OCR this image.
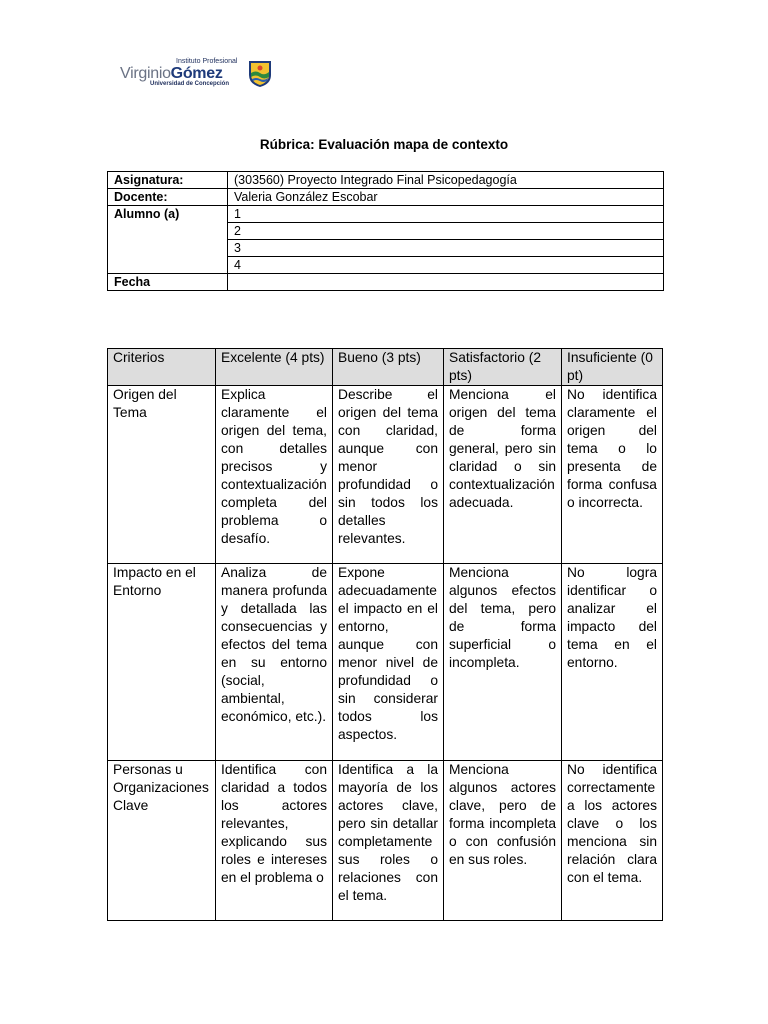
Instituto Profesional
VirginioGómez
Universidad de Concepción
Rúbrica: Evaluación mapa de contexto
Asignatura:	(303560) Proyecto Integrado Final Psicopedagogía
Docente:	Valeria González Escobar
Alumno (a)	1
	2
	3
	4
Fecha	
Criterios	Excelente (4 pts)	Bueno (3 pts)	Satisfactorio (2 pts)	Insuficiente (0 pt)
Origen del Tema	Explica claramente el origen del tema, con detalles precisos y contextualización completa del problema o desafío.	Describe el origen del tema con claridad, aunque con menor profundidad o sin todos los detalles relevantes.	Menciona el origen del tema de forma general, pero sin claridad o sin contextualización adecuada.	No identifica claramente el origen del tema o lo presenta de forma confusa o incorrecta.
Impacto en el Entorno	Analiza de manera profunda y detallada las consecuencias y efectos del tema en su entorno (social, ambiental, económico, etc.).	Expone adecuadamente el impacto en el entorno, aunque con menor nivel de profundidad o sin considerar todos los aspectos.	Menciona algunos efectos del tema, pero de forma superficial o incompleta.	No logra identificar o analizar el impacto del tema en el entorno.
Personas u Organizaciones Clave	Identifica con claridad a todos los actores relevantes, explicando sus roles e intereses en el problema o	Identifica a la mayoría de los actores clave, pero sin detallar completamente sus roles o relaciones con el tema.	Menciona algunos actores clave, pero de forma incompleta o con confusión en sus roles.	No identifica correctamente a los actores clave o los menciona sin relación clara con el tema.
